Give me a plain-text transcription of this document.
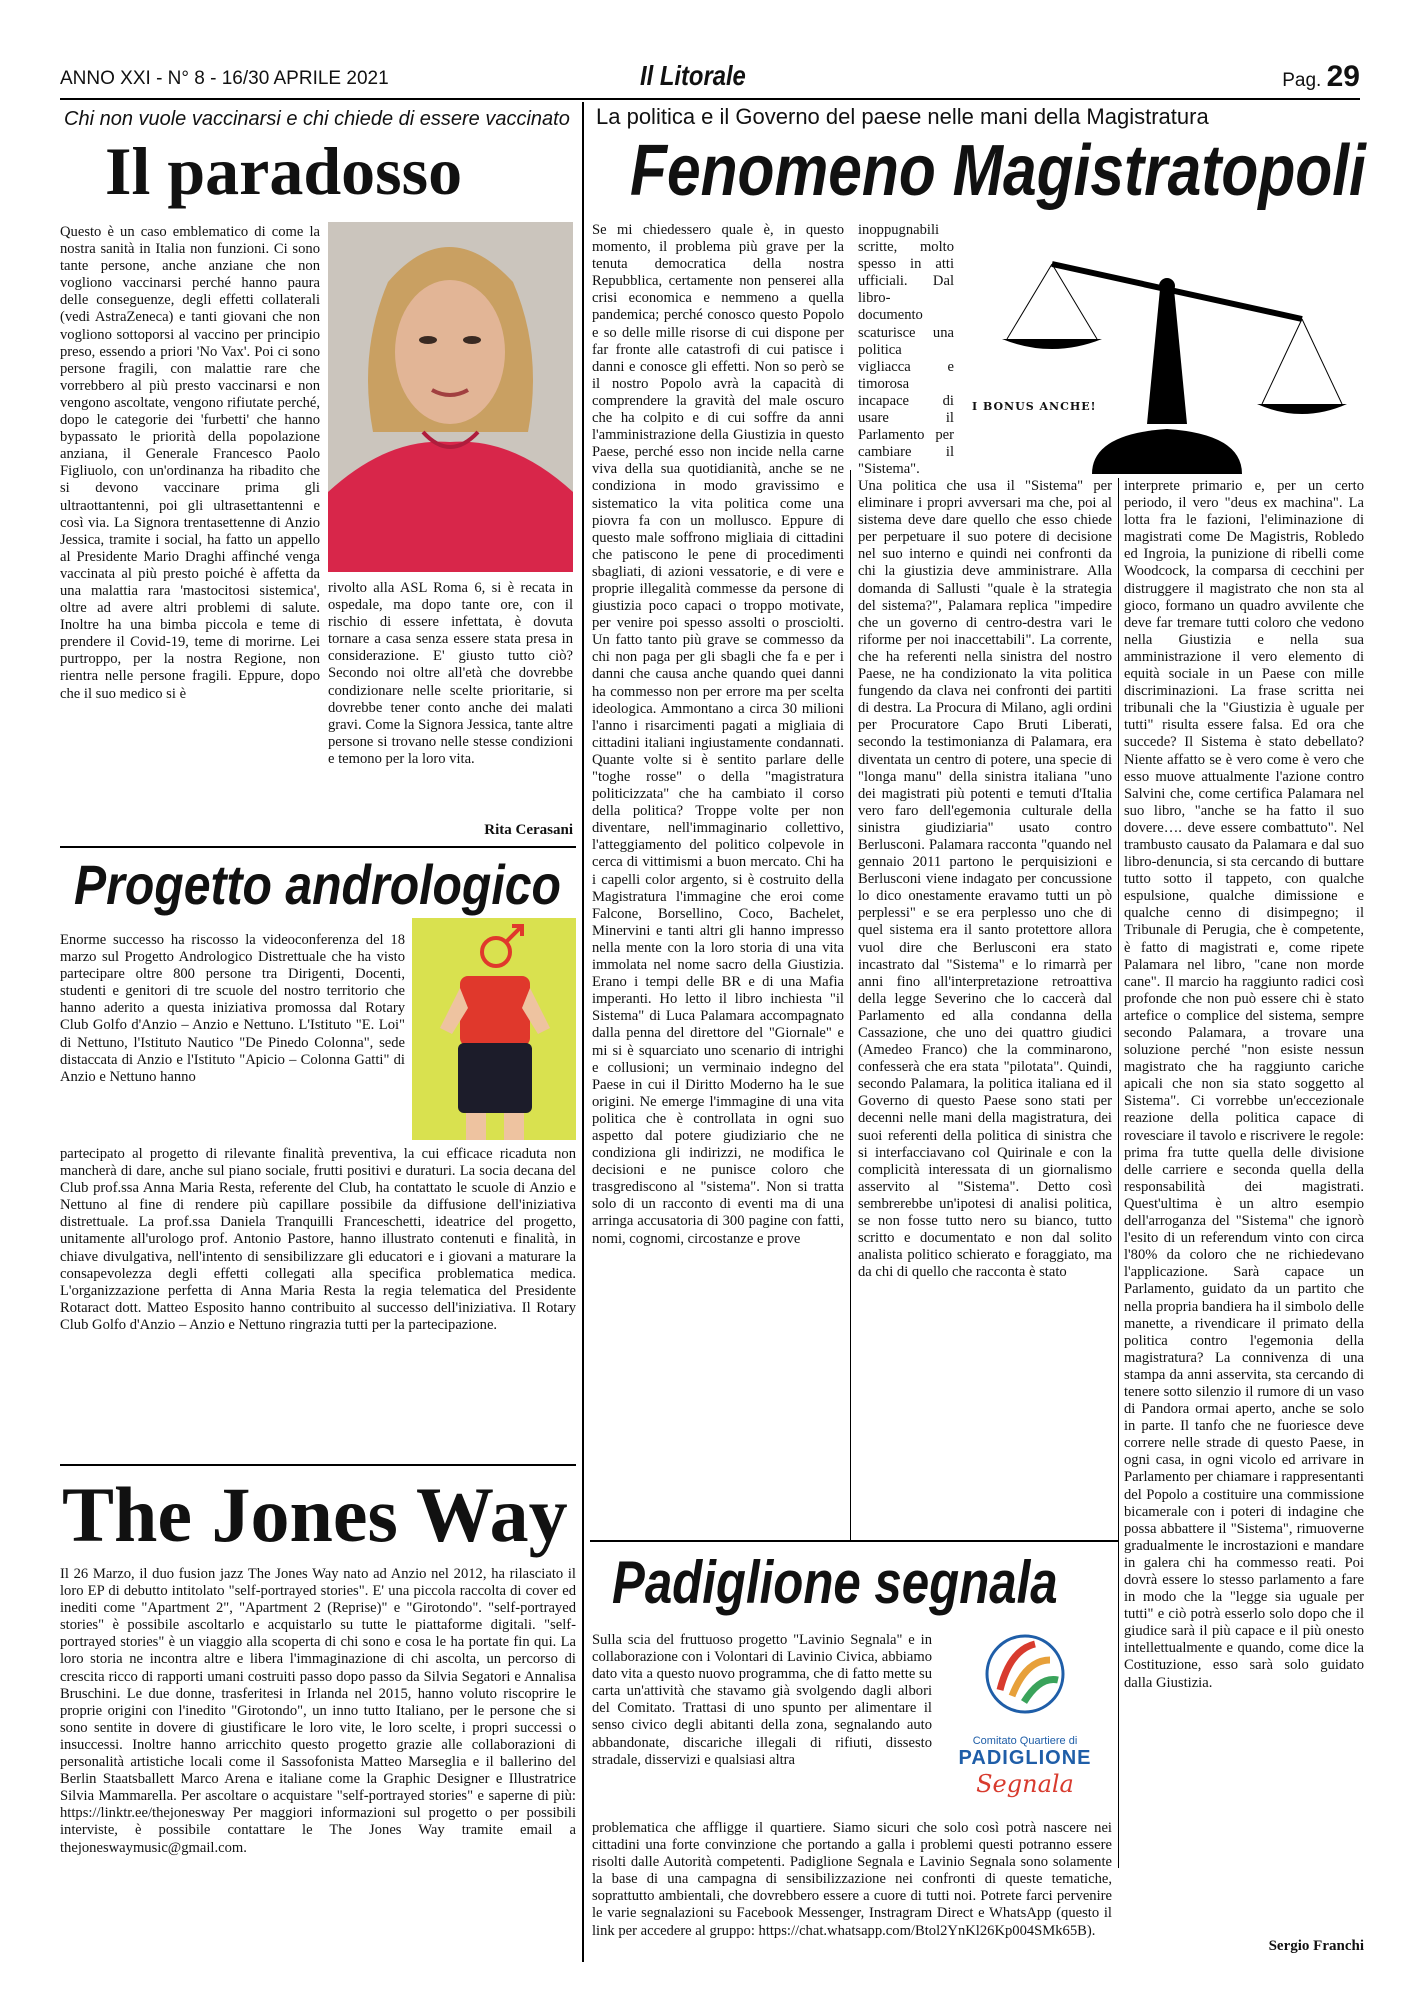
ANNO XXI - N° 8 - 16/30 APRILE 2021	Il Litorale	Pag. 29
Chi non vuole vaccinarsi e chi chiede di essere vaccinato
Il paradosso
Questo è un caso emblematico di come la nostra sanità in Italia non funzioni. Ci sono tante persone, anche anziane che non vogliono vaccinarsi perché hanno paura delle conseguenze, degli effetti collaterali (vedi AstraZeneca) e tanti giovani che non vogliono sottoporsi al vaccino per principio preso, essendo a priori 'No Vax'. Poi ci sono persone fragili, con malattie rare che vorrebbero al più presto vaccinarsi e non vengono ascoltate, vengono rifiutate perché, dopo le categorie dei 'furbetti' che hanno bypassato le priorità della popolazione anziana, il Generale Francesco Paolo Figliuolo, con un'ordinanza ha ribadito che si devono vaccinare prima gli ultraottantenni, poi gli ultrasettantenni e così via. La Signora trentasettenne di Anzio Jessica, tramite i social, ha fatto un appello al Presidente Mario Draghi affinché venga vaccinata al più presto poiché è affetta da una malattia rara 'mastocitosi sistemica', oltre ad avere altri problemi di salute. Inoltre ha una bimba piccola e teme di prendere il Covid-19, teme di morirne. Lei purtroppo, per la nostra Regione, non rientra nelle persone fragili. Eppure, dopo che il suo medico si è
rivolto alla ASL Roma 6, si è recata in ospedale, ma dopo tante ore, con il rischio di essere infettata, è dovuta tornare a casa senza essere stata presa in considerazione. E' giusto tutto ciò? Secondo noi oltre all'età che dovrebbe condizionare nelle scelte prioritarie, si dovrebbe tener conto anche dei malati gravi. Come la Signora Jessica, tante altre persone si trovano nelle stesse condizioni e temono per la loro vita.
Rita Cerasani
Progetto andrologico
Enorme successo ha riscosso la videoconferenza del 18 marzo sul Progetto Andrologico Distrettuale che ha visto partecipare oltre 800 persone tra Dirigenti, Docenti, studenti e genitori di tre scuole del nostro territorio che hanno aderito a questa iniziativa promossa dal Rotary Club Golfo d'Anzio – Anzio e Nettuno. L'Istituto "E. Loi" di Nettuno, l'Istituto Nautico "De Pinedo Colonna", sede distaccata di Anzio e l'Istituto "Apicio – Colonna Gatti" di Anzio e Nettuno hanno
partecipato al progetto di rilevante finalità preventiva, la cui efficace ricaduta non mancherà di dare, anche sul piano sociale, frutti positivi e duraturi. La socia decana del Club prof.ssa Anna Maria Resta, referente del Club, ha contattato le scuole di Anzio e Nettuno al fine di rendere più capillare possibile da diffusione dell'iniziativa distrettuale. La prof.ssa Daniela Tranquilli Franceschetti, ideatrice del progetto, unitamente all'urologo prof. Antonio Pastore, hanno illustrato contenuti e finalità, in chiave divulgativa, nell'intento di sensibilizzare gli educatori e i giovani a maturare la consapevolezza degli effetti collegati alla specifica problematica medica. L'organizzazione perfetta di Anna Maria Resta la regia telematica del Presidente Rotaract dott. Matteo Esposito hanno contribuito al successo dell'iniziativa. Il Rotary Club Golfo d'Anzio – Anzio e Nettuno ringrazia tutti per la partecipazione.
The Jones Way
Il 26 Marzo, il duo fusion jazz The Jones Way nato ad Anzio nel 2012, ha rilasciato il loro EP di debutto intitolato "self-portrayed stories". E' una piccola raccolta di cover ed inediti come "Apartment 2", "Apartment 2 (Reprise)" e "Girotondo". "self-portrayed stories" è possibile ascoltarlo e acquistarlo su tutte le piattaforme digitali. "self-portrayed stories" è un viaggio alla scoperta di chi sono e cosa le ha portate fin qui. La loro storia ne incontra altre e libera l'immaginazione di chi ascolta, un percorso di crescita ricco di rapporti umani costruiti passo dopo passo da Silvia Segatori e Annalisa Bruschini. Le due donne, trasferitesi in Irlanda nel 2015, hanno voluto riscoprire le proprie origini con l'inedito "Girotondo", un inno tutto Italiano, per le persone che si sono sentite in dovere di giustificare le loro vite, le loro scelte, i propri successi o insuccessi. Inoltre hanno arricchito questo progetto grazie alle collaborazioni di personalità artistiche locali come il Sassofonista Matteo Marseglia e il ballerino del Berlin Staatsballett Marco Arena e italiane come la Graphic Designer e Illustratrice Silvia Mammarella. Per ascoltare o acquistare "self-portrayed stories" e saperne di più: https://linktr.ee/thejonesway Per maggiori informazioni sul progetto o per possibili interviste, è possibile contattare le The Jones Way tramite email a thejoneswaymusic@gmail.com.
La politica e il Governo del paese nelle mani della Magistratura
Fenomeno Magistratopoli
Se mi chiedessero quale è, in questo momento, il problema più grave per la tenuta democratica della nostra Repubblica, certamente non penserei alla crisi economica e nemmeno a quella pandemica; perché conosco questo Popolo e so delle mille risorse di cui dispone per far fronte alle catastrofi di cui patisce i danni e conosce gli effetti. Non so però se il nostro Popolo avrà la capacità di comprendere la gravità del male oscuro che ha colpito e di cui soffre da anni l'amministrazione della Giustizia in questo Paese, perché esso non incide nella carne viva della sua quotidianità, anche se ne condiziona in modo gravissimo e sistematico la vita politica come una piovra fa con un mollusco. Eppure di questo male soffrono migliaia di cittadini che patiscono le pene di procedimenti sbagliati, di azioni vessatorie, e di vere e proprie illegalità commesse da persone di giustizia poco capaci o troppo motivate, per venire poi spesso assolti o prosciolti. Un fatto tanto più grave se commesso da chi non paga per gli sbagli che fa e per i danni che causa anche quando quei danni ha commesso non per errore ma per scelta ideologica. Ammontano a circa 30 milioni l'anno i risarcimenti pagati a migliaia di cittadini italiani ingiustamente condannati. Quante volte si è sentito parlare delle "toghe rosse" o della "magistratura politicizzata" che ha cambiato il corso della politica? Troppe volte per non diventare, nell'immaginario collettivo, l'atteggiamento del politico colpevole in cerca di vittimismi a buon mercato. Chi ha i capelli color argento, si è costruito della Magistratura l'immagine che eroi come Falcone, Borsellino, Coco, Bachelet, Minervini e tanti altri gli hanno impresso nella mente con la loro storia di una vita immolata nel nome sacro della Giustizia. Erano i tempi delle BR e di una Mafia imperanti. Ho letto il libro inchiesta "il Sistema" di Luca Palamara accompagnato dalla penna del direttore del "Giornale" e mi si è squarciato uno scenario di intrighi e collusioni; un verminaio indegno del Paese in cui il Diritto Moderno ha le sue origini. Ne emerge l'immagine di una vita politica che è controllata in ogni suo aspetto dal potere giudiziario che ne condiziona gli indirizzi, ne modifica le decisioni e ne punisce coloro che trasgrediscono al "sistema". Non si tratta solo di un racconto di eventi ma di una arringa accusatoria di 300 pagine con fatti, nomi, cognomi, circostanze e prove
inoppugnabili scritte, molto spesso in atti ufficiali. Dal libro-documento scaturisce una politica vigliacca e timorosa incapace di usare il Parlamento per cambiare il "Sistema".
I BONUS ANCHE!
Una politica che usa il "Sistema" per eliminare i propri avversari ma che, poi al sistema deve dare quello che esso chiede per perpetuare il suo potere di decisione nel suo interno e quindi nei confronti da chi la giustizia deve amministrare. Alla domanda di Sallusti "quale è la strategia del sistema?", Palamara replica "impedire che un governo di centro-destra vari le riforme per noi inaccettabili". La corrente, che ha referenti nella sinistra del nostro Paese, ne ha condizionato la vita politica fungendo da clava nei confronti dei partiti di destra. La Procura di Milano, agli ordini per Procuratore Capo Bruti Liberati, secondo la testimonianza di Palamara, era diventata un centro di potere, una specie di "longa manu" della sinistra italiana "uno dei magistrati più potenti e temuti d'Italia vero faro dell'egemonia culturale della sinistra giudiziaria" usato contro Berlusconi. Palamara racconta "quando nel gennaio 2011 partono le perquisizioni e Berlusconi viene indagato per concussione lo dico onestamente eravamo tutti un pò perplessi" e se era perplesso uno che di quel sistema era il santo protettore allora vuol dire che Berlusconi era stato incastrato dal "Sistema" e lo rimarrà per anni fino all'interpretazione retroattiva della legge Severino che lo caccerà dal Parlamento ed alla condanna della Cassazione, che uno dei quattro giudici (Amedeo Franco) che la comminarono, confesserà che era stata "pilotata". Quindi, secondo Palamara, la politica italiana ed il Governo di questo Paese sono stati per decenni nelle mani della magistratura, dei suoi referenti della politica di sinistra che si interfacciavano col Quirinale e con la complicità interessata di un giornalismo asservito al "Sistema". Detto così sembrerebbe un'ipotesi di analisi politica, se non fosse tutto nero su bianco, tutto scritto e documentato e non dal solito analista politico schierato e foraggiato, ma da chi di quello che racconta è stato
interprete primario e, per un certo periodo, il vero "deus ex machina". La lotta fra le fazioni, l'eliminazione di magistrati come De Magistris, Robledo ed Ingroia, la punizione di ribelli come Woodcock, la comparsa di cecchini per distruggere il magistrato che non sta al gioco, formano un quadro avvilente che deve far tremare tutti coloro che vedono nella Giustizia e nella sua amministrazione il vero elemento di equità sociale in un Paese con mille discriminazioni. La frase scritta nei tribunali che la "Giustizia è uguale per tutti" risulta essere falsa. Ed ora che succede? Il Sistema è stato debellato? Niente affatto se è vero come è vero che esso muove attualmente l'azione contro Salvini che, come certifica Palamara nel suo libro, "anche se ha fatto il suo dovere…. deve essere combattuto". Nel trambusto causato da Palamara e dal suo libro-denuncia, si sta cercando di buttare tutto sotto il tappeto, con qualche espulsione, qualche dimissione e qualche cenno di disimpegno; il Tribunale di Perugia, che è competente, è fatto di magistrati e, come ripete Palamara nel libro, "cane non morde cane". Il marcio ha raggiunto radici così profonde che non può essere chi è stato artefice o complice del sistema, sempre secondo Palamara, a trovare una soluzione perché "non esiste nessun magistrato che ha raggiunto cariche apicali che non sia stato soggetto al Sistema". Ci vorrebbe un'eccezionale reazione della politica capace di rovesciare il tavolo e riscrivere le regole: prima fra tutte quella delle divisione delle carriere e seconda quella della responsabilità dei magistrati. Quest'ultima è un altro esempio dell'arroganza del "Sistema" che ignorò l'esito di un referendum vinto con circa l'80% da coloro che ne richiedevano l'applicazione. Sarà capace un Parlamento, guidato da un partito che nella propria bandiera ha il simbolo delle manette, a rivendicare il primato della politica contro l'egemonia della magistratura? La connivenza di una stampa da anni asservita, sta cercando di tenere sotto silenzio il rumore di un vaso di Pandora ormai aperto, anche se solo in parte. Il tanfo che ne fuoriesce deve correre nelle strade di questo Paese, in ogni casa, in ogni vicolo ed arrivare in Parlamento per chiamare i rappresentanti del Popolo a costituire una commissione bicamerale con i poteri di indagine che possa abbattere il "Sistema", rimuoverne gradualmente le incrostazioni e mandare in galera chi ha commesso reati. Poi dovrà essere lo stesso parlamento a fare in modo che la "legge sia uguale per tutti" e ciò potrà esserlo solo dopo che il giudice sarà il più capace e il più onesto intellettualmente e quando, come dice la Costituzione, esso sarà solo guidato dalla Giustizia.
Sergio Franchi
Padiglione segnala
Sulla scia del fruttuoso progetto "Lavinio Segnala" e in collaborazione con i Volontari di Lavinio Civica, abbiamo dato vita a questo nuovo programma, che di fatto mette su carta un'attività che stavamo già svolgendo dagli albori del Comitato. Trattasi di uno spunto per alimentare il senso civico degli abitanti della zona, segnalando auto abbandonate, discariche illegali di rifiuti, dissesto stradale, disservizi e qualsiasi altra
Comitato Quartiere di
PADIGLIONE
Segnala
problematica che affligge il quartiere. Siamo sicuri che solo così potrà nascere nei cittadini una forte convinzione che portando a galla i problemi questi potranno essere risolti dalle Autorità competenti. Padiglione Segnala e Lavinio Segnala sono solamente la base di una campagna di sensibilizzazione nei confronti di queste tematiche, soprattutto ambientali, che dovrebbero essere a cuore di tutti noi. Potrete farci pervenire le varie segnalazioni su Facebook Messenger, Instragram Direct e WhatsApp (questo il link per accedere al gruppo: https://chat.whatsapp.com/Btol2YnKl26Kp004SMk65B).
